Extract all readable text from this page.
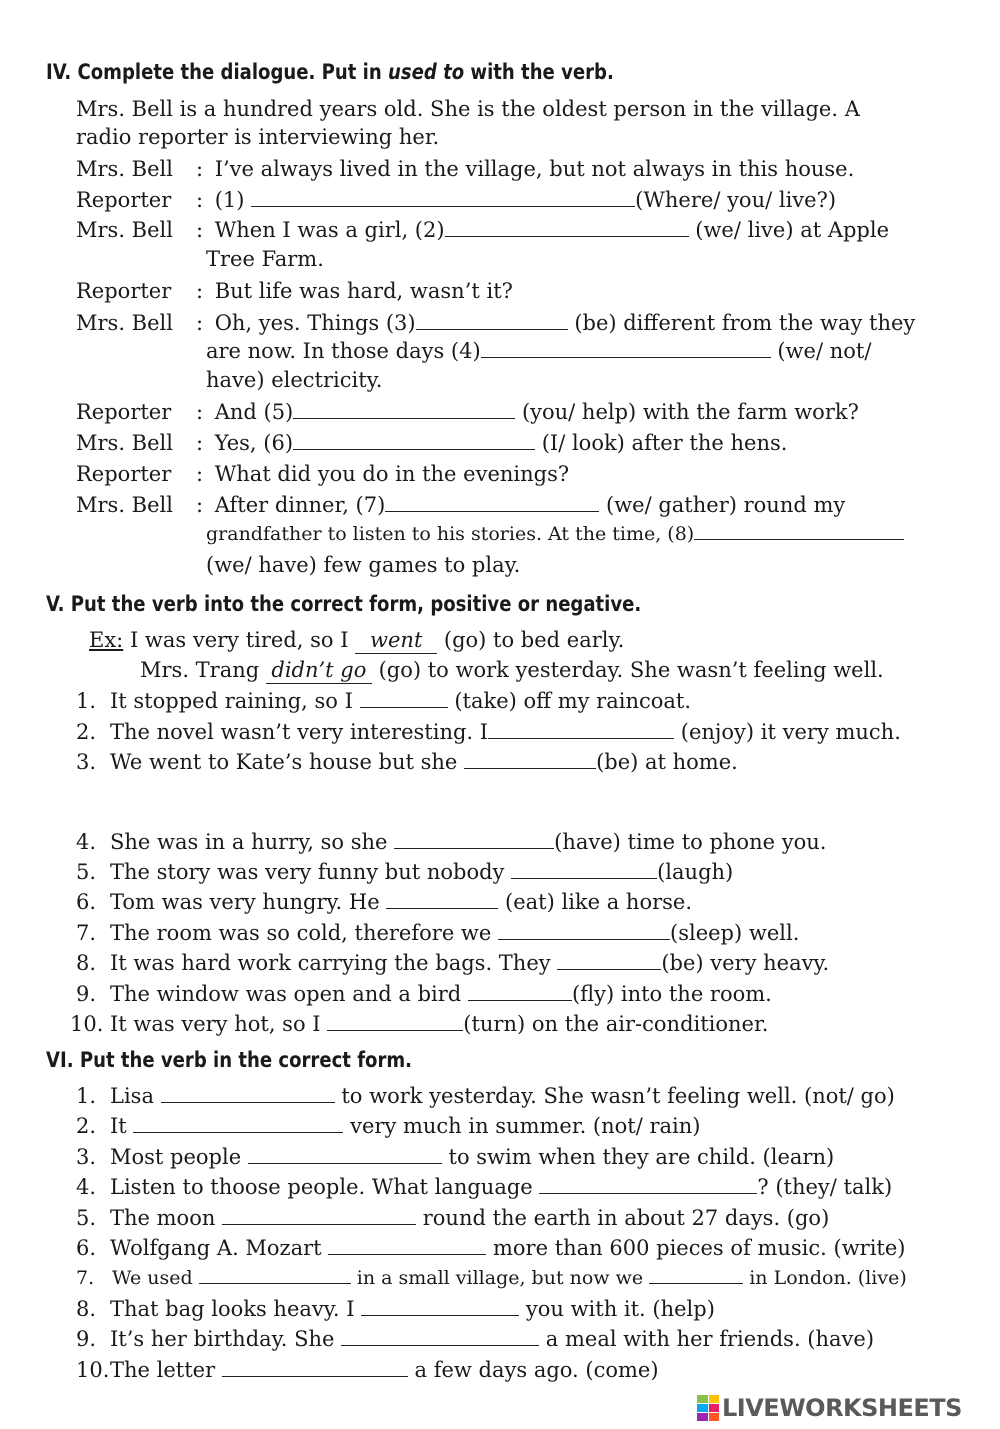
IV. Complete the dialogue. Put in used to with the verb.
Mrs. Bell is a hundred years old. She is the oldest person in the village. A
radio reporter is interviewing her.
Mrs. Bell : I’ve always lived in the village, but not always in this house.
Reporter : (1)	(Where/ you/ live?)
Mrs. Bell : When I was a girl, (2)	(we/ live) at Apple
Tree Farm.
Reporter : But life was hard, wasn’t it?
Mrs. Bell : Oh, yes. Things (3)	(be) different from the way they
are now. In those days (4)	(we/ not/
have) electricity.
Reporter : And (5)	(you/ help) with the farm work?
Mrs. Bell : Yes, (6)	(I/ look) after the hens.
Reporter : What did you do in the evenings?
Mrs. Bell : After dinner, (7)	(we/ gather) round my
grandfather to listen to his stories. At the time, (8)
(we/ have) few games to play.
V. Put the verb into the correct form, positive or negative.
Ex: I was very tired, so I went (go) to bed early.
Mrs. Trang didn’t go (go) to work yesterday. She wasn’t feeling well.
1. It stopped raining, so I	(take) off my raincoat.
2. The novel wasn’t very interesting. I	(enjoy) it very much.
3. We went to Kate’s house but she	(be) at home.
4. She was in a hurry, so she	(have) time to phone you.
5. The story was very funny but nobody	(laugh)
6. Tom was very hungry. He	(eat) like a horse.
7. The room was so cold, therefore we	(sleep) well.
8. It was hard work carrying the bags. They	(be) very heavy.
9. The window was open and a bird	(fly) into the room.
10. It was very hot, so I	(turn) on the air-conditioner.
VI. Put the verb in the correct form.
1. Lisa	to work yesterday. She wasn’t feeling well. (not/ go)
2. It	very much in summer. (not/ rain)
3. Most people	to swim when they are child. (learn)
4. Listen to thoose people. What language	? (they/ talk)
5. The moon	round the earth in about 27 days. (go)
6. Wolfgang A. Mozart	more than 600 pieces of music. (write)
7. We used	in a small village, but now we	in London. (live)
8. That bag looks heavy. I	you with it. (help)
9. It’s her birthday. She	a meal with her friends. (have)
10.The letter	a few days ago. (come)
LIVEWORKSHEETS
